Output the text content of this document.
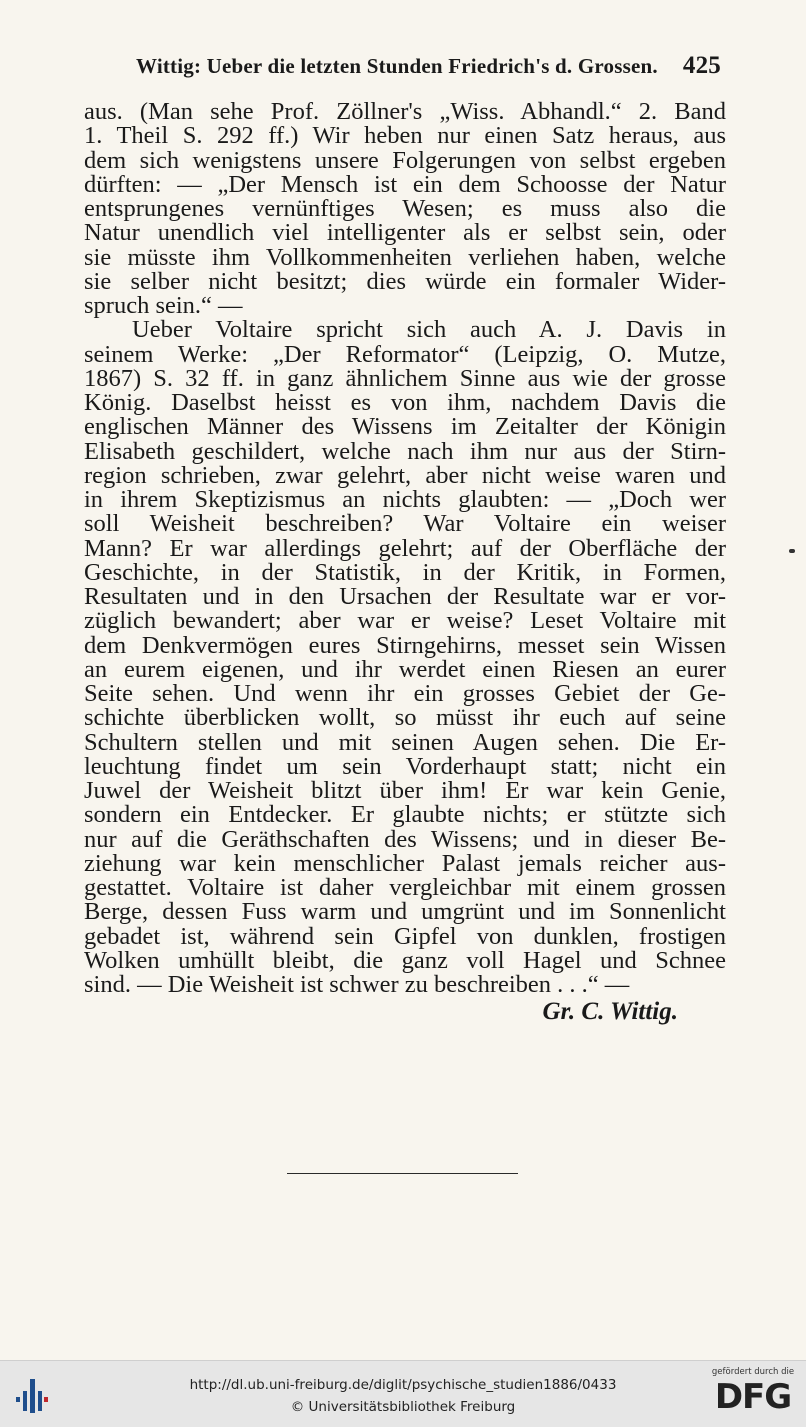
Wittig: Ueber die letzten Stunden Friedrich's d. Grossen. 425
aus. (Man sehe Prof. Zöllner's „Wiss. Abhandl.“ 2. Band
1. Theil S. 292 ff.) Wir heben nur einen Satz heraus, aus
dem sich wenigstens unsere Folgerungen von selbst ergeben
dürften: — „Der Mensch ist ein dem Schoosse der Natur
entsprungenes vernünftiges Wesen; es muss also die
Natur unendlich viel intelligenter als er selbst sein, oder
sie müsste ihm Vollkommenheiten verliehen haben, welche
sie selber nicht besitzt; dies würde ein formaler Wider-
spruch sein.“ —
Ueber Voltaire spricht sich auch A. J. Davis in
seinem Werke: „Der Reformator“ (Leipzig, O. Mutze,
1867) S. 32 ff. in ganz ähnlichem Sinne aus wie der grosse
König. Daselbst heisst es von ihm, nachdem Davis die
englischen Männer des Wissens im Zeitalter der Königin
Elisabeth geschildert, welche nach ihm nur aus der Stirn-
region schrieben, zwar gelehrt, aber nicht weise waren und
in ihrem Skeptizismus an nichts glaubten: — „Doch wer
soll Weisheit beschreiben? War Voltaire ein weiser
Mann? Er war allerdings gelehrt; auf der Oberfläche der
Geschichte, in der Statistik, in der Kritik, in Formen,
Resultaten und in den Ursachen der Resultate war er vor-
züglich bewandert; aber war er weise? Leset Voltaire mit
dem Denkvermögen eures Stirngehirns, messet sein Wissen
an eurem eigenen, und ihr werdet einen Riesen an eurer
Seite sehen. Und wenn ihr ein grosses Gebiet der Ge-
schichte überblicken wollt, so müsst ihr euch auf seine
Schultern stellen und mit seinen Augen sehen. Die Er-
leuchtung findet um sein Vorderhaupt statt; nicht ein
Juwel der Weisheit blitzt über ihm! Er war kein Genie,
sondern ein Entdecker. Er glaubte nichts; er stützte sich
nur auf die Geräthschaften des Wissens; und in dieser Be-
ziehung war kein menschlicher Palast jemals reicher aus-
gestattet. Voltaire ist daher vergleichbar mit einem grossen
Berge, dessen Fuss warm und umgrünt und im Sonnenlicht
gebadet ist, während sein Gipfel von dunklen, frostigen
Wolken umhüllt bleibt, die ganz voll Hagel und Schnee
sind. — Die Weisheit ist schwer zu beschreiben . . .“ —
Gr. C. Wittig.
http://dl.ub.uni-freiburg.de/diglit/psychische_studien1886/0433
© Universitätsbibliothek Freiburg
gefördert durch die
DFG
